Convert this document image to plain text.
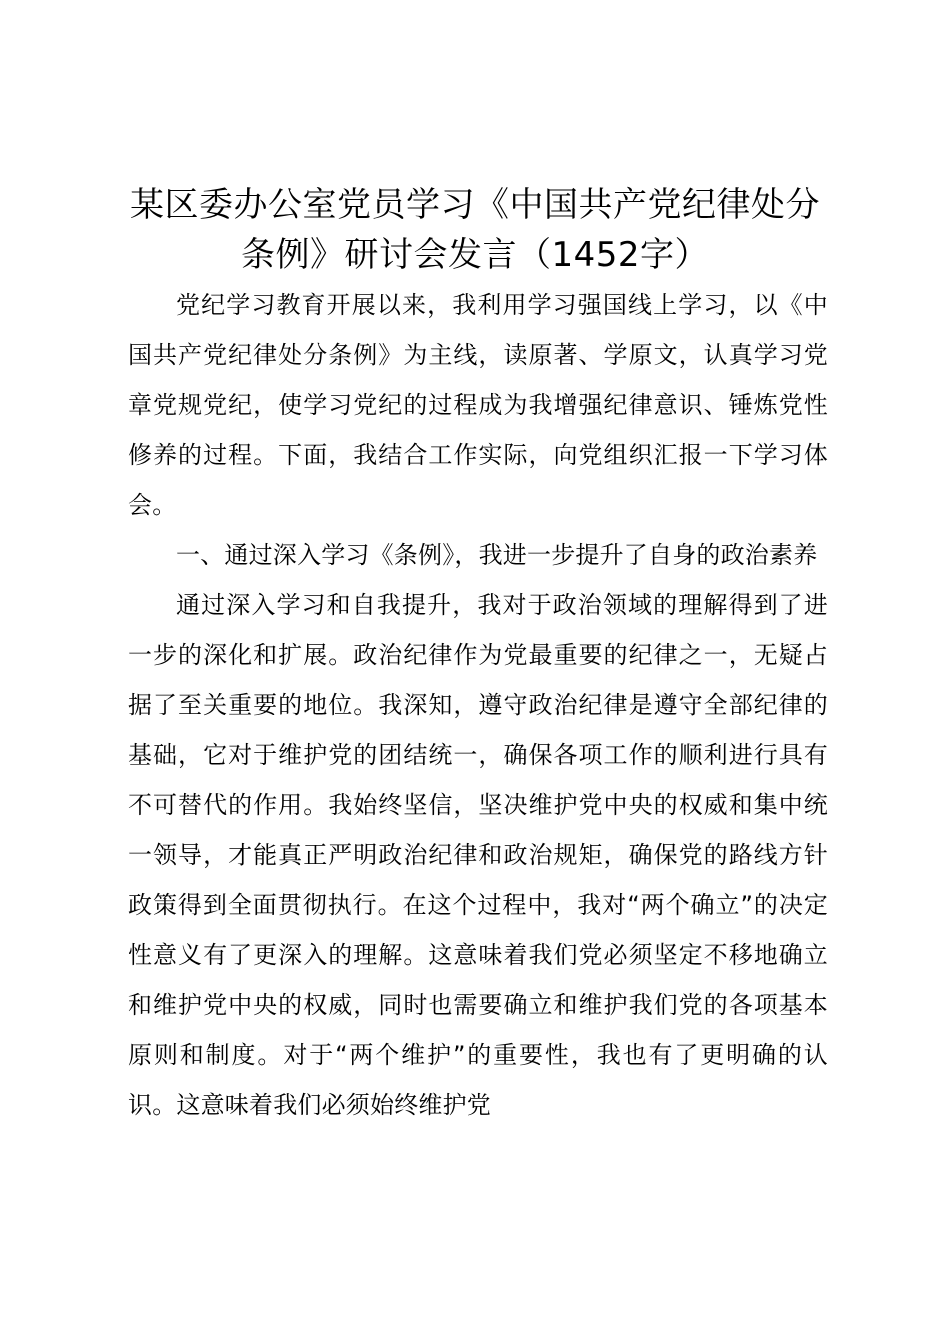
某区委办公室党员学习《中国共产党纪律处分
条例》研讨会发言（1452字）

党纪学习教育开展以来，我利用学习强国线上学习，以《中国共产党纪律处分条例》为主线，读原著、学原文，认真学习党章党规党纪，使学习党纪的过程成为我增强纪律意识、锤炼党性修养的过程。下面，我结合工作实际，向党组织汇报一下学习体会。

一、通过深入学习《条例》，我进一步提升了自身的政治素养

通过深入学习和自我提升，我对于政治领域的理解得到了进一步的深化和扩展。政治纪律作为党最重要的纪律之一，无疑占据了至关重要的地位。我深知，遵守政治纪律是遵守全部纪律的基础，它对于维护党的团结统一，确保各项工作的顺利进行具有不可替代的作用。我始终坚信，坚决维护党中央的权威和集中统一领导，才能真正严明政治纪律和政治规矩，确保党的路线方针政策得到全面贯彻执行。在这个过程中，我对“两个确立”的决定性意义有了更深入的理解。这意味着我们党必须坚定不移地确立和维护党中央的权威，同时也需要确立和维护我们党的各项基本原则和制度。对于“两个维护”的重要性，我也有了更明确的认识。这意味着我们必须始终维护党
